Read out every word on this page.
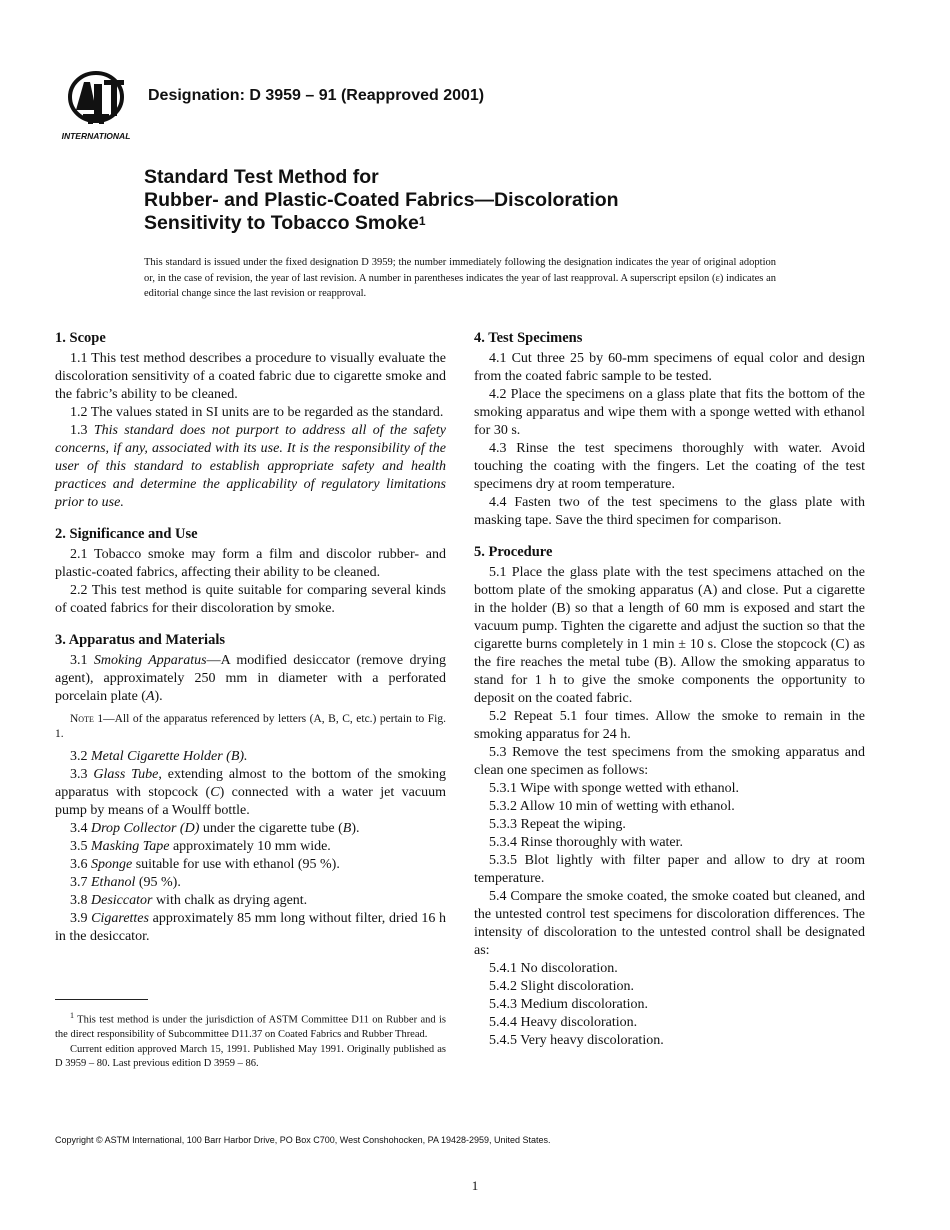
INTERNATIONAL
Designation: D 3959 – 91 (Reapproved 2001)
Standard Test Method for
Rubber- and Plastic-Coated Fabrics—Discoloration
Sensitivity to Tobacco Smoke$^1$
This standard is issued under the fixed designation D 3959; the number immediately following the designation indicates the year of original adoption or, in the case of revision, the year of last revision. A number in parentheses indicates the year of last reapproval. A superscript epsilon (ε) indicates an editorial change since the last revision or reapproval.
1. Scope

1.1 This test method describes a procedure to visually evaluate the discoloration sensitivity of a coated fabric due to cigarette smoke and the fabric’s ability to be cleaned.

1.2 The values stated in SI units are to be regarded as the standard.

1.3 This standard does not purport to address all of the safety concerns, if any, associated with its use. It is the responsibility of the user of this standard to establish appropriate safety and health practices and determine the applicability of regulatory limitations prior to use.

2. Significance and Use

2.1 Tobacco smoke may form a film and discolor rubber- and plastic-coated fabrics, affecting their ability to be cleaned.

2.2 This test method is quite suitable for comparing several kinds of coated fabrics for their discoloration by smoke.

3. Apparatus and Materials

3.1 Smoking Apparatus—A modified desiccator (remove drying agent), approximately 250 mm in diameter with a perforated porcelain plate (A).

Note 1—All of the apparatus referenced by letters (A, B, C, etc.) pertain to Fig. 1.

3.2 Metal Cigarette Holder (B).

3.3 Glass Tube, extending almost to the bottom of the smoking apparatus with stopcock (C) connected with a water jet vacuum pump by means of a Woulff bottle.

3.4 Drop Collector (D) under the cigarette tube (B).

3.5 Masking Tape approximately 10 mm wide.

3.6 Sponge suitable for use with ethanol (95 %).

3.7 Ethanol (95 %).

3.8 Desiccator with chalk as drying agent.

3.9 Cigarettes approximately 85 mm long without filter, dried 16 h in the desiccator.

4. Test Specimens

4.1 Cut three 25 by 60-mm specimens of equal color and design from the coated fabric sample to be tested.

4.2 Place the specimens on a glass plate that fits the bottom of the smoking apparatus and wipe them with a sponge wetted with ethanol for 30 s.

4.3 Rinse the test specimens thoroughly with water. Avoid touching the coating with the fingers. Let the coating of the test specimens dry at room temperature.

4.4 Fasten two of the test specimens to the glass plate with masking tape. Save the third specimen for comparison.

5. Procedure

5.1 Place the glass plate with the test specimens attached on the bottom plate of the smoking apparatus (A) and close. Put a cigarette in the holder (B) so that a length of 60 mm is exposed and start the vacuum pump. Tighten the cigarette and adjust the suction so that the cigarette burns completely in 1 min ± 10 s. Close the stopcock (C) as the fire reaches the metal tube (B). Allow the smoking apparatus to stand for 1 h to give the smoke components the opportunity to deposit on the coated fabric.

5.2 Repeat 5.1 four times. Allow the smoke to remain in the smoking apparatus for 24 h.

5.3 Remove the test specimens from the smoking apparatus and clean one specimen as follows:

5.3.1 Wipe with sponge wetted with ethanol.

5.3.2 Allow 10 min of wetting with ethanol.

5.3.3 Repeat the wiping.

5.3.4 Rinse thoroughly with water.

5.3.5 Blot lightly with filter paper and allow to dry at room temperature.

5.4 Compare the smoke coated, the smoke coated but cleaned, and the untested control test specimens for discoloration differences. The intensity of discoloration to the untested control shall be designated as:

5.4.1 No discoloration.

5.4.2 Slight discoloration.

5.4.3 Medium discoloration.

5.4.4 Heavy discoloration.

5.4.5 Very heavy discoloration.

$^1$ This test method is under the jurisdiction of ASTM Committee D11 on Rubber and is the direct responsibility of Subcommittee D11.37 on Coated Fabrics and Rubber Thread.

Current edition approved March 15, 1991. Published May 1991. Originally published as D 3959 – 80. Last previous edition D 3959 – 86.

Copyright © ASTM International, 100 Barr Harbor Drive, PO Box C700, West Conshohocken, PA 19428-2959, United States.
1
